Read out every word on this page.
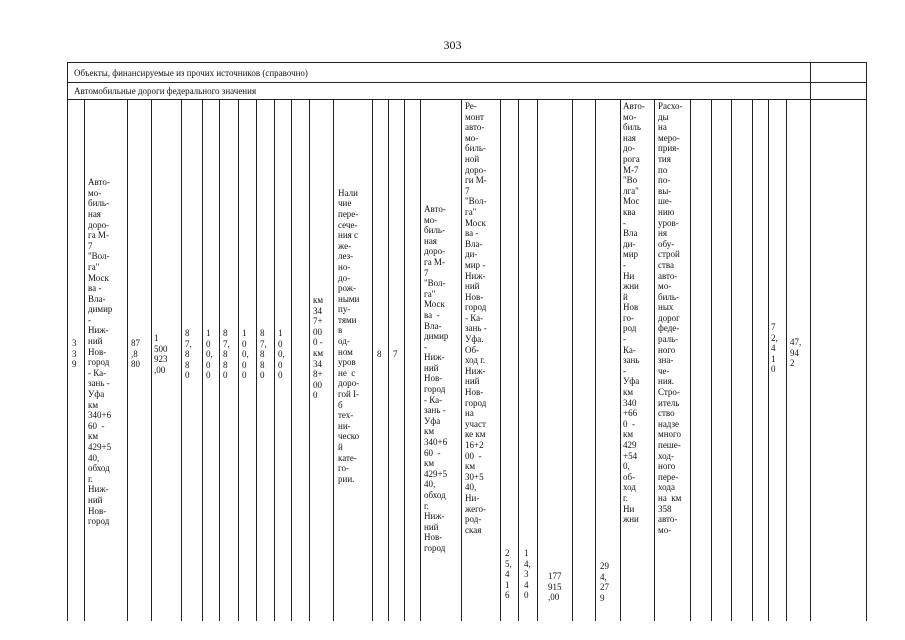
303
Объекты, финансируемые из прочих источников (справочно)
Автомобильные дороги федерального значения
3
3
9

Авто-
мо-
биль-
ная
доро-
га М-
7
"Вол-
га"
Моск
ва -
Вла-
димир
-
Ниж-
ний
Нов-
город
- Ка-
зань -
Уфа
км
340+6
60  -
км
429+5
40,
обход
г.
Ниж-
ний
Нов-
город
87
,8
80
1
500
923
,00
8
7,
8
8
0
1
0
0,
0
0
8
7,
8
8
0
1
0
0,
0
0
8
7,
8
8
0
1
0
0,
0
0
км
34
7+
00
0 -
км
34
8+
00
0

Нали
чие
пере-
сече-
ния с
же-
лез-
но-
до-
рож-
ными
пу-
тями
в
од-
ном
уров
не  с
доро-
гой I-
б
тех-
ни-
ческо
й
кате-
го-
рии.
8 7

Авто-
мо-
биль-
ная
доро-
га М-
7
"Вол-
га"
Моск
ва  -
Вла-
димир
-
Ниж-
ний
Нов-
город
- Ка-
зань -
Уфа
км
340+6
60  -
км
429+5
40,
обход
г.
Ниж-
ний
Нов-
город
Ре-
монт
авто-
мо-
биль-
ной
доро-
ги М-
7
"Вол-
га"
Моск
ва -
Вла-
ди-
мир -
Ниж-
ний
Нов-
город
- Ка-
зань -
Уфа.
Об-
ход г.
Ниж-
ний
Нов-
город
на
участ
ке км
16+2
00  -
км
30+5
40,
Ни-
жего-
род-
ская
2
5,
4
1
6
1
4,
3
4
0
177
915
,00
29
4,
27
9
Авто-
мо-
биль
ная
до-
рога
М-7
"Во
лга"
Мос
ква
-
Вла
ди-
мир
-
Ни
жни
й
Нов
го-
род
-
Ка-
зань
-
Уфа
км
340
+66
0  -
км
429
+54
0,
об-
ход
г.
Ни
жни
Расхо-
ды
на
меро-
прия-
тия
по
по-
вы-
ше-
нию
уров-
ня
обу-
строй
ства
авто-
мо-
биль-
ных
дорог
феде-
раль-
ного
зна-
че-
ния.
Стро-
итель
ство
надзе
много
пеше-
ход-
ного
пере-
хода
на  км
358
авто-
мо-
7
2,
4
1
0
47,
94
2
